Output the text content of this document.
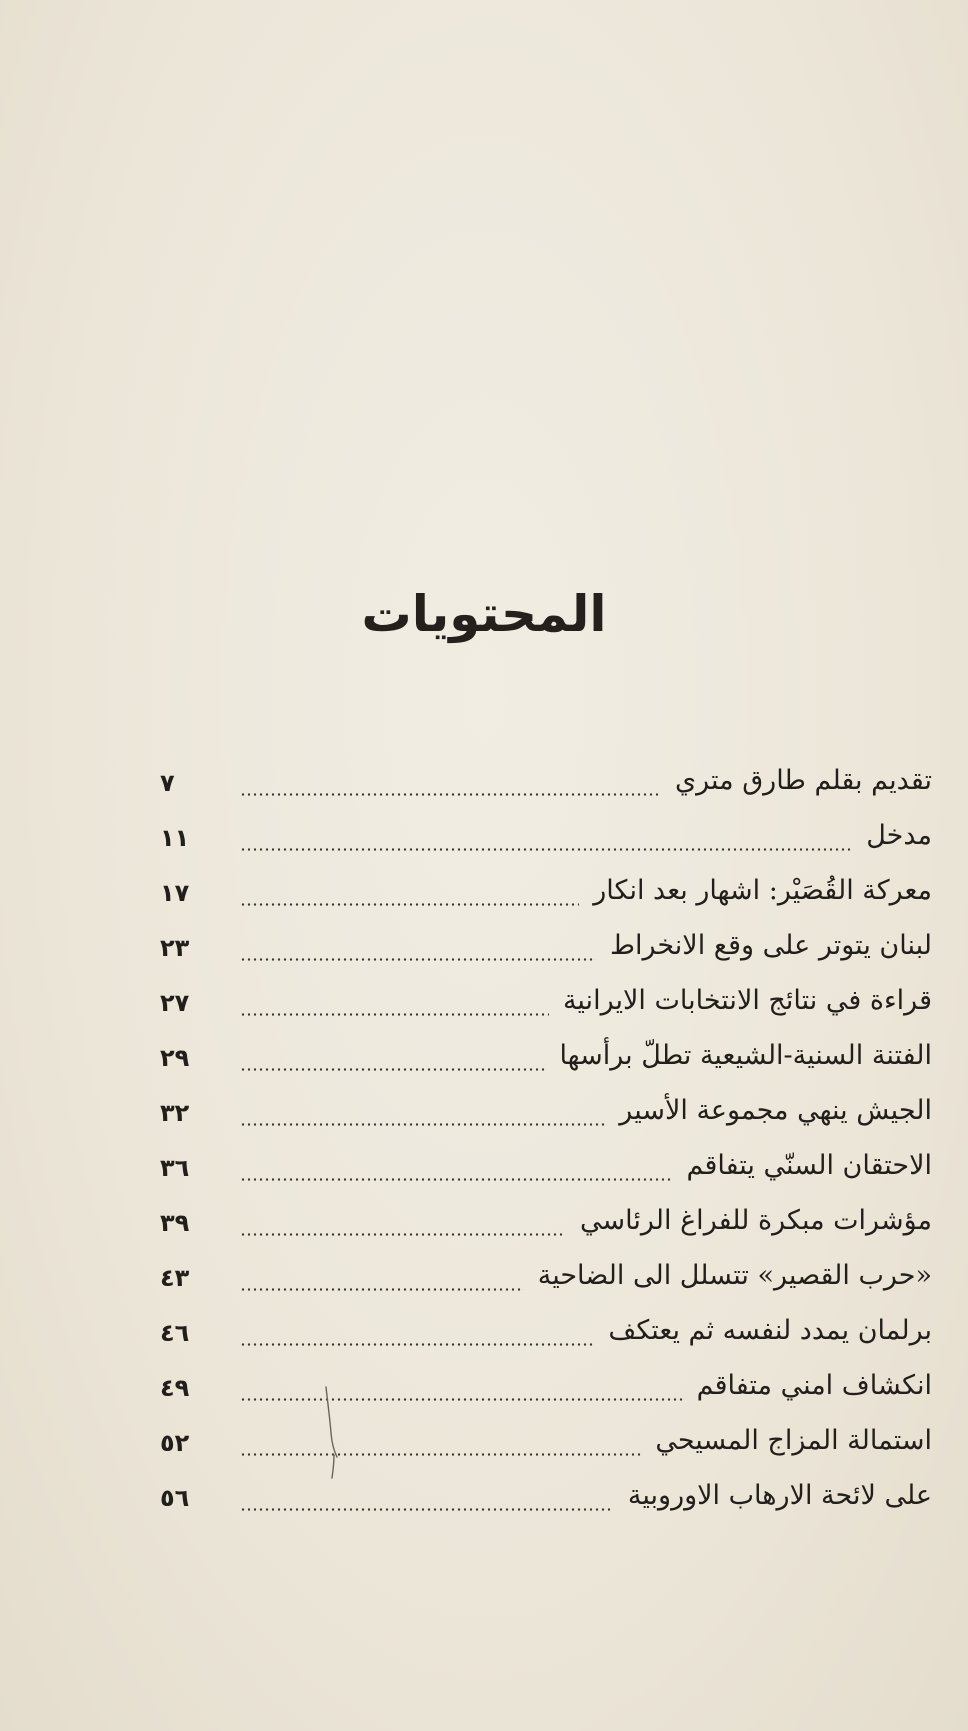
المحتويات
تقديم بقلم طارق متري
٧
مدخل
١١
معركة القُصَيْر: اشهار بعد انكار
١٧
لبنان يتوتر على وقع الانخراط
٢٣
قراءة في نتائج الانتخابات الايرانية
٢٧
الفتنة السنية-الشيعية تطلّ برأسها
٢٩
الجيش ينهي مجموعة الأسير
٣٢
الاحتقان السنّي يتفاقم
٣٦
مؤشرات مبكرة للفراغ الرئاسي
٣٩
«حرب القصير» تتسلل الى الضاحية
٤٣
برلمان يمدد لنفسه ثم يعتكف
٤٦
انكشاف امني متفاقم
٤٩
استمالة المزاج المسيحي
٥٢
على لائحة الارهاب الاوروبية
٥٦
